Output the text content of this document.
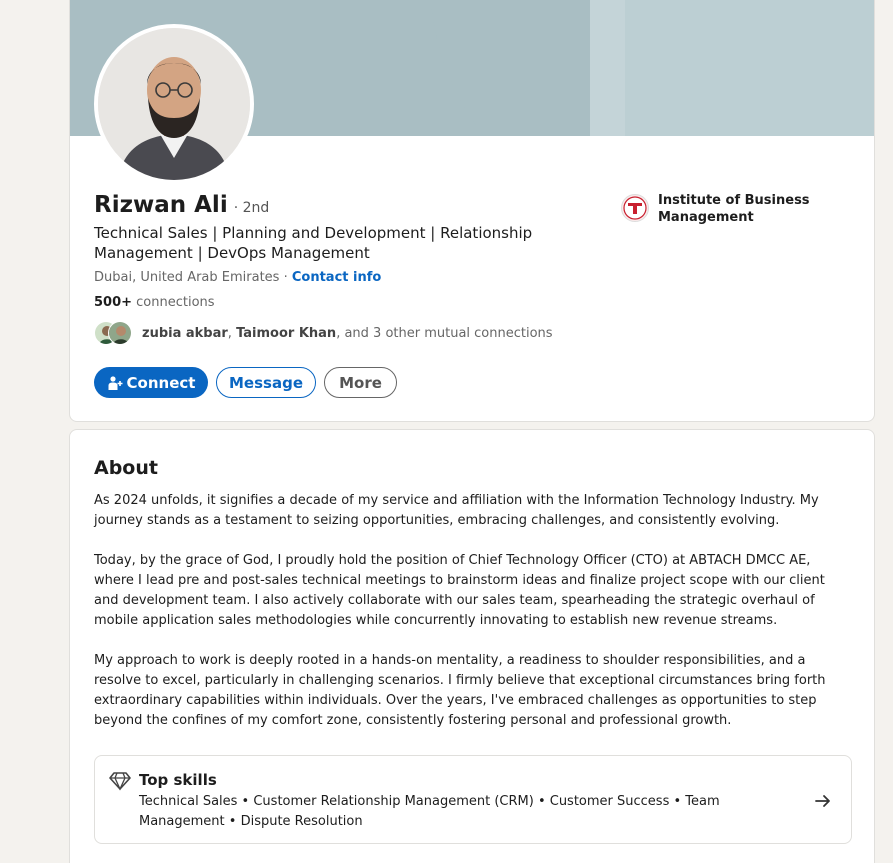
Rizwan Ali · 2nd
Technical Sales | Planning and Development | Relationship Management | DevOps Management
Dubai, United Arab Emirates · Contact info
500+ connections
zubia akbar, Taimoor Khan, and 3 other mutual connections
Connect	Message	More
Institute of Business Management
About
As 2024 unfolds, it signifies a decade of my service and affiliation with the Information Technology Industry. My journey stands as a testament to seizing opportunities, embracing challenges, and consistently evolving.
Today, by the grace of God, I proudly hold the position of Chief Technology Officer (CTO) at ABTACH DMCC AE, where I lead pre and post-sales technical meetings to brainstorm ideas and finalize project scope with our client and development team. I also actively collaborate with our sales team, spearheading the strategic overhaul of mobile application sales methodologies while concurrently innovating to establish new revenue streams.
My approach to work is deeply rooted in a hands-on mentality, a readiness to shoulder responsibilities, and a resolve to excel, particularly in challenging scenarios. I firmly believe that exceptional circumstances bring forth extraordinary capabilities within individuals. Over the years, I've embraced challenges as opportunities to step beyond the confines of my comfort zone, consistently fostering personal and professional growth.
Top skills
Technical Sales • Customer Relationship Management (CRM) • Customer Success • Team Management • Dispute Resolution
